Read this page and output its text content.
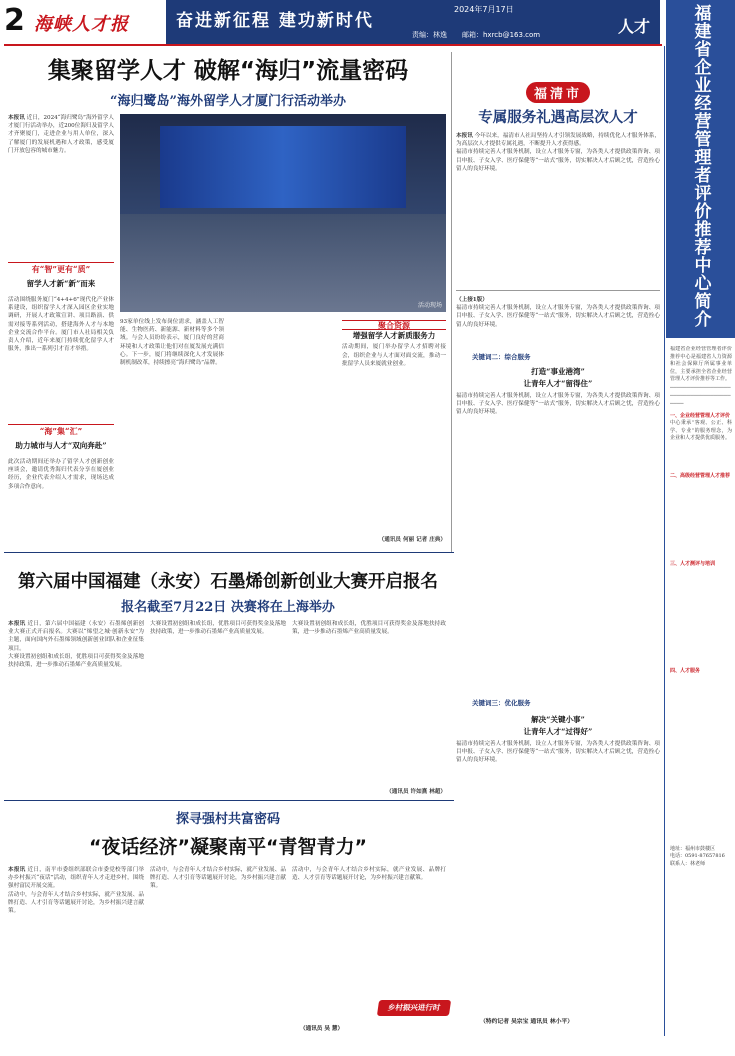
2 海峡人才报	奋进新征程 建功新时代
2024年7月17日
责编：林逸 邮箱：hxrcb@163.com	人才 福建省企业经营管理者评价推荐中心简介
福建省企业经营管理者评价推荐中心是福建省人力资源和社会保障厅所属事业单位，主要承担全省企业经营管理人才评价推荐等工作。
────────────────────────────────────────
一、企业经营管理人才评价
中心秉承“客观、公正、科学、专业”的服务理念，为企业和人才提供优质服务。
二、高级经营管理人才推荐
三、人才测评与培训
四、人才服务
地址：福州市鼓楼区
电话：0591-87657816
联系人：林老师
集聚留学人才 破解“海归”流量密码
“海归鹭岛”海外留学人才厦门行活动举办
本报讯 近日，2024“海归鹭岛”海外留学人才厦门行活动举办，近200位海归及留学人才齐聚厦门，走进企业与用人单位，深入了解厦门的发展机遇和人才政策，感受厦门开放包容的城市魅力。
有“智”更有“质”
留学人才新“新”而来
活动围绕服务厦门“4+4+6”现代化产业体系建设，组织留学人才深入园区企业实地调研，开展人才政策宣讲、项目路演、供需对接等系列活动，搭建海外人才与本地企业交流合作平台。厦门市人社局相关负责人介绍，近年来厦门持续优化留学人才服务，推出一系列引才育才举措。
“海”集“汇”
助力城市与人才“双向奔赴”
此次活动期间还举办了留学人才创新创业座谈会，邀请优秀海归代表分享在厦创业经历，企业代表介绍人才需求，现场达成多项合作意向。
活动现场
93家单位线上发布岗位需求，涵盖人工智能、生物医药、新能源、新材料等多个领域。与会人员纷纷表示，厦门良好的营商环境和人才政策让他们对在厦发展充满信心。下一步，厦门将继续深化人才发展体制机制改革，持续擦亮“海归鹭岛”品牌。
聚合资源
增强留学人才新质服务力
活动期间，厦门举办留学人才招聘对接会，组织企业与人才面对面交流，推动一批留学人员来厦就业创业。
（通讯员 何丽 记者 庄典）
福清市
专属服务礼遇高层次人才
本报讯 今年以来，福清市人社局坚持人才引领发展战略，持续优化人才服务体系，为高层次人才提供专属礼遇，不断提升人才获得感。
福清市持续完善人才服务机制，设立人才服务专窗，为各类人才提供政策咨询、项目申报、子女入学、医疗保健等“一站式”服务，切实解决人才后顾之忧，营造拴心留人的良好环境。
（上接1版）
福清市持续完善人才服务机制，设立人才服务专窗，为各类人才提供政策咨询、项目申报、子女入学、医疗保健等“一站式”服务，切实解决人才后顾之忧，营造拴心留人的良好环境。
关键词二：综合服务
打造“事业港湾”
让青年人才“留得住”
福清市持续完善人才服务机制，设立人才服务专窗，为各类人才提供政策咨询、项目申报、子女入学、医疗保健等“一站式”服务，切实解决人才后顾之忧，营造拴心留人的良好环境。
关键词三：优化服务
解决“关键小事”
让青年人才“过得好”
福清市持续完善人才服务机制，设立人才服务专窗，为各类人才提供政策咨询、项目申报、子女入学、医疗保健等“一站式”服务，切实解决人才后顾之忧，营造拴心留人的良好环境。
（特约记者 吴宗宝 通讯员 林小平）
第六届中国福建（永安）石墨烯创新创业大赛开启报名
报名截至7月22日 决赛将在上海举办
本报讯 近日，第六届中国福建（永安）石墨烯创新创业大赛正式开启报名。大赛以“烯望之城·创新永安”为主题，面向国内外石墨烯领域创新创业团队和企业征集项目。
大赛设置初创组和成长组，优胜项目可获得奖金及落地扶持政策，进一步推动石墨烯产业高质量发展。
大赛设置初创组和成长组，优胜项目可获得奖金及落地扶持政策，进一步推动石墨烯产业高质量发展。
大赛设置初创组和成长组，优胜项目可获得奖金及落地扶持政策，进一步推动石墨烯产业高质量发展。
（通讯员 许如熹 林超）
探寻强村共富密码
“夜话经济”凝聚南平“青智青力”
本报讯 近日，南平市委组织部联合市委党校等部门举办乡村振兴“夜话”活动，组织青年人才走进乡村，围绕强村富民开展交流。
活动中，与会青年人才结合乡村实际，就产业发展、品牌打造、人才引育等话题展开讨论，为乡村振兴建言献策。
活动中，与会青年人才结合乡村实际，就产业发展、品牌打造、人才引育等话题展开讨论，为乡村振兴建言献策。
活动中，与会青年人才结合乡村实际，就产业发展、品牌打造、人才引育等话题展开讨论，为乡村振兴建言献策。
乡村振兴进行时
（通讯员 吴 慧）
